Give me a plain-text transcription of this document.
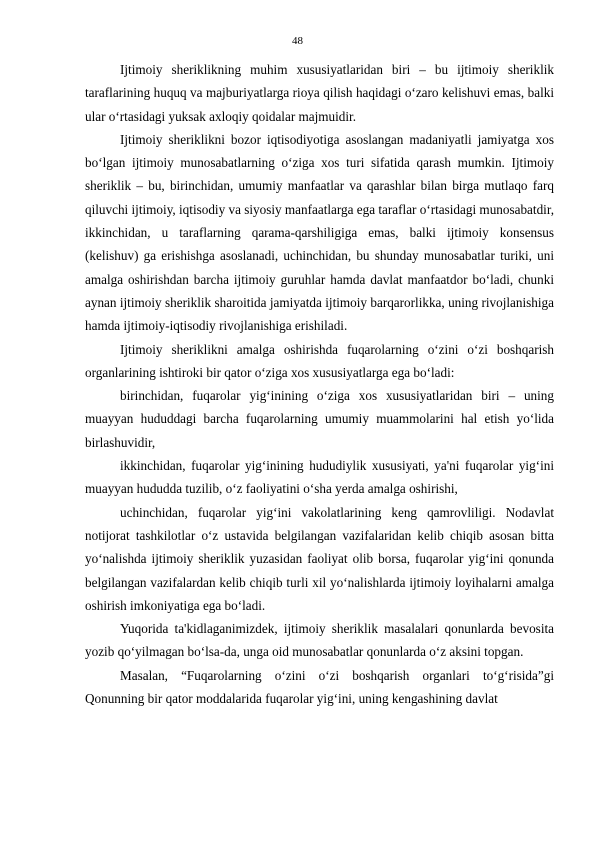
48

Ijtimoiy sheriklikning muhim xususiyatlaridan biri – bu ijtimoiy sheriklik taraflarining huquq va majburiyatlarga rioya qilish haqidagi o‘zaro kelishuvi emas, balki ular o‘rtasidagi yuksak axloqiy qoidalar majmuidir.

Ijtimoiy sheriklikni bozor iqtisodiyotiga asoslangan madaniyatli jamiyatga xos bo‘lgan ijtimoiy munosabatlarning o‘ziga xos turi sifatida qarash mumkin. Ijtimoiy sheriklik – bu, birinchidan, umumiy manfaatlar va qarashlar bilan birga mutlaqo farq qiluvchi ijtimoiy, iqtisodiy va siyosiy manfaatlarga ega taraflar o‘rtasidagi munosabatdir, ikkinchidan, u taraflarning qarama-qarshiligiga emas, balki ijtimoiy konsensus (kelishuv) ga erishishga asoslanadi, uchinchidan, bu shunday munosabatlar turiki, uni amalga oshirishdan barcha ijtimoiy guruhlar hamda davlat manfaatdor bo‘ladi, chunki aynan ijtimoiy sheriklik sharoitida jamiyatda ijtimoiy barqarorlikka, uning rivojlanishiga hamda ijtimoiy-iqtisodiy rivojlanishiga erishiladi.

Ijtimoiy sheriklikni amalga oshirishda fuqarolarning o‘zini o‘zi boshqarish organlarining ishtiroki bir qator o‘ziga xos xususiyatlarga ega bo‘ladi:

birinchidan, fuqarolar yig‘inining o‘ziga xos xususiyatlaridan biri – uning muayyan hududdagi barcha fuqarolarning umumiy muammolarini hal etish yo‘lida birlashuvidir,

ikkinchidan, fuqarolar yig‘inining hududiylik xususiyati, ya'ni fuqarolar yig‘ini muayyan hududda tuzilib, o‘z faoliyatini o‘sha yerda amalga oshirishi,

uchinchidan, fuqarolar yig‘ini vakolatlarining keng qamrovliligi. Nodavlat notijorat tashkilotlar o‘z ustavida belgilangan vazifalaridan kelib chiqib asosan bitta yo‘nalishda ijtimoiy sheriklik yuzasidan faoliyat olib borsa, fuqarolar yig‘ini qonunda belgilangan vazifalardan kelib chiqib turli xil yo‘nalishlarda ijtimoiy loyihalarni amalga oshirish imkoniyatiga ega bo‘ladi.

Yuqorida ta'kidlaganimizdek, ijtimoiy sheriklik masalalari qonunlarda bevosita yozib qo‘yilmagan bo‘lsa-da, unga oid munosabatlar qonunlarda o‘z aksini topgan.

Masalan, “Fuqarolarning o‘zini o‘zi boshqarish organlari to‘g‘risida”gi Qonunning bir qator moddalarida fuqarolar yig‘ini, uning kengashining davlat
